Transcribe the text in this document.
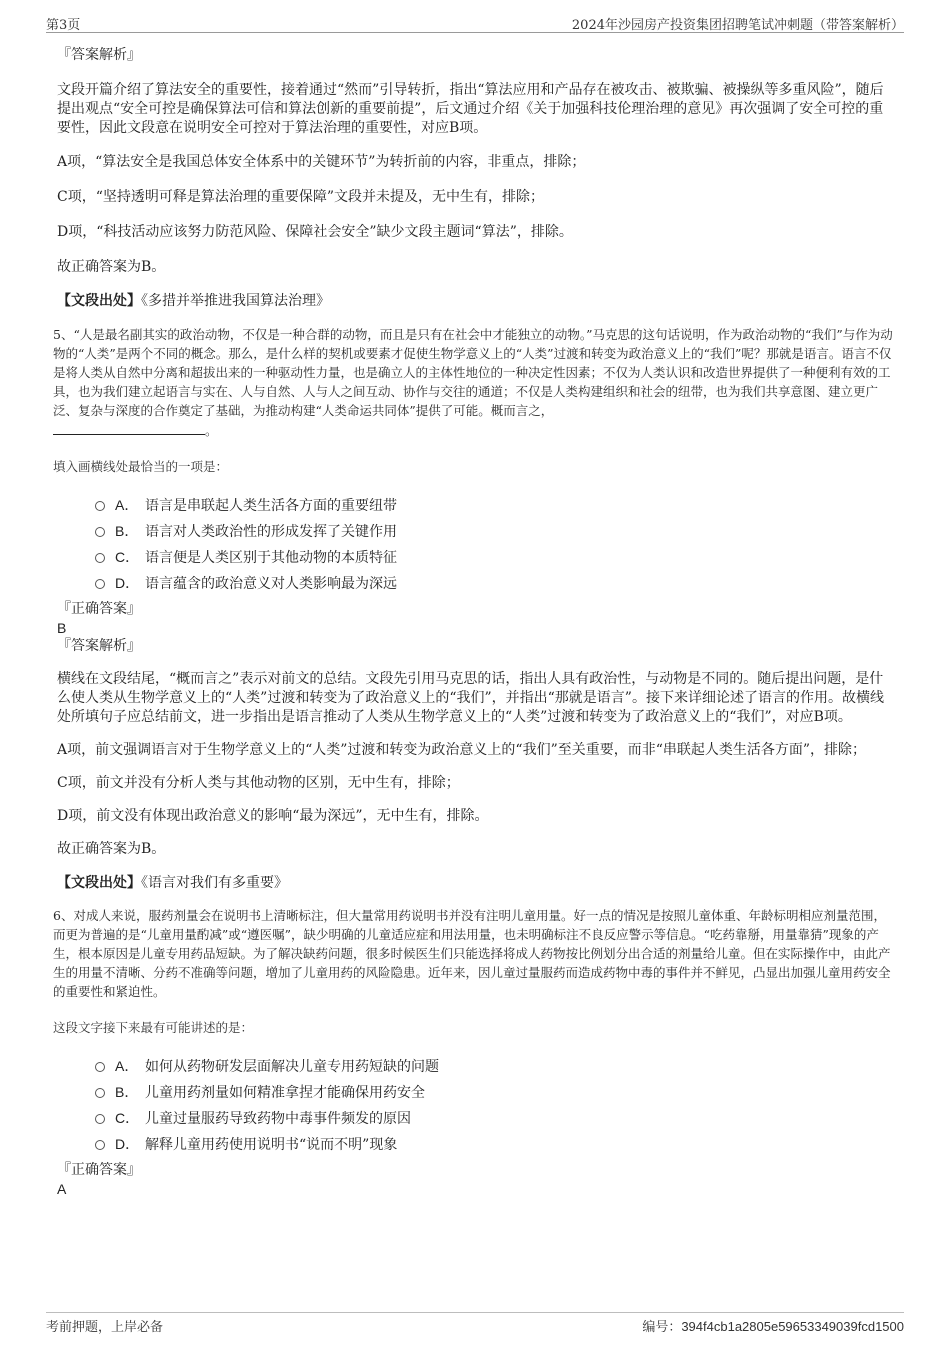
第3页	2024年沙园房产投资集团招聘笔试冲刺题（带答案解析）

『答案解析』

文段开篇介绍了算法安全的重要性，接着通过“然而”引导转折，指出“算法应用和产品存在被攻击、被欺骗、被操纵等多重风险”，随后提出观点“安全可控是确保算法可信和算法创新的重要前提”，后文通过介绍《关于加强科技伦理治理的意见》再次强调了安全可控的重要性，因此文段意在说明安全可控对于算法治理的重要性，对应B项。

A项，“算法安全是我国总体安全体系中的关键环节”为转折前的内容，非重点，排除；

C项，“坚持透明可释是算法治理的重要保障”文段并未提及，无中生有，排除；

D项，“科技活动应该努力防范风险、保障社会安全”缺少文段主题词“算法”，排除。

故正确答案为B。

【文段出处】《多措并举推进我国算法治理》

5、“人是最名副其实的政治动物，不仅是一种合群的动物，而且是只有在社会中才能独立的动物。”马克思的这句话说明，作为政治动物的“我们”与作为动物的“人类”是两个不同的概念。那么，是什么样的契机或要素才促使生物学意义上的“人类”过渡和转变为政治意义上的“我们”呢？那就是语言。语言不仅是将人类从自然中分离和超拔出来的一种驱动性力量，也是确立人的主体性地位的一种决定性因素；不仅为人类认识和改造世界提供了一种便利有效的工具，也为我们建立起语言与实在、人与自然、人与人之间互动、协作与交往的通道；不仅是人类构建组织和社会的纽带，也为我们共享意图、建立更广泛、复杂与深度的合作奠定了基础，为推动构建“人类命运共同体”提供了可能。概而言之，
。

填入画横线处最恰当的一项是：

A． 语言是串联起人类生活各方面的重要纽带
B． 语言对人类政治性的形成发挥了关键作用
C． 语言便是人类区别于其他动物的本质特征
D． 语言蕴含的政治意义对人类影响最为深远

『正确答案』

B

『答案解析』

横线在文段结尾，“概而言之”表示对前文的总结。文段先引用马克思的话，指出人具有政治性，与动物是不同的。随后提出问题，是什么使人类从生物学意义上的“人类”过渡和转变为了政治意义上的“我们”，并指出“那就是语言”。接下来详细论述了语言的作用。故横线处所填句子应总结前文，进一步指出是语言推动了人类从生物学意义上的“人类”过渡和转变为了政治意义上的“我们”，对应B项。

A项，前文强调语言对于生物学意义上的“人类”过渡和转变为政治意义上的“我们”至关重要，而非“串联起人类生活各方面”，排除；

C项，前文并没有分析人类与其他动物的区别，无中生有，排除；

D项，前文没有体现出政治意义的影响“最为深远”，无中生有，排除。

故正确答案为B。

【文段出处】《语言对我们有多重要》

6、对成人来说，服药剂量会在说明书上清晰标注，但大量常用药说明书并没有注明儿童用量。好一点的情况是按照儿童体重、年龄标明相应剂量范围，而更为普遍的是“儿童用量酌减”或“遵医嘱”，缺少明确的儿童适应症和用法用量，也未明确标注不良反应警示等信息。“吃药靠掰，用量靠猜”现象的产生，根本原因是儿童专用药品短缺。为了解决缺药问题，很多时候医生们只能选择将成人药物按比例划分出合适的剂量给儿童。但在实际操作中，由此产生的用量不清晰、分药不准确等问题，增加了儿童用药的风险隐患。近年来，因儿童过量服药而造成药物中毒的事件并不鲜见，凸显出加强儿童用药安全的重要性和紧迫性。

这段文字接下来最有可能讲述的是：

A． 如何从药物研发层面解决儿童专用药短缺的问题
B． 儿童用药剂量如何精准拿捏才能确保用药安全
C． 儿童过量服药导致药物中毒事件频发的原因
D． 解释儿童用药使用说明书“说而不明”现象

『正确答案』

A

考前押题，上岸必备	编号：394f4cb1a2805e59653349039fcd1500
